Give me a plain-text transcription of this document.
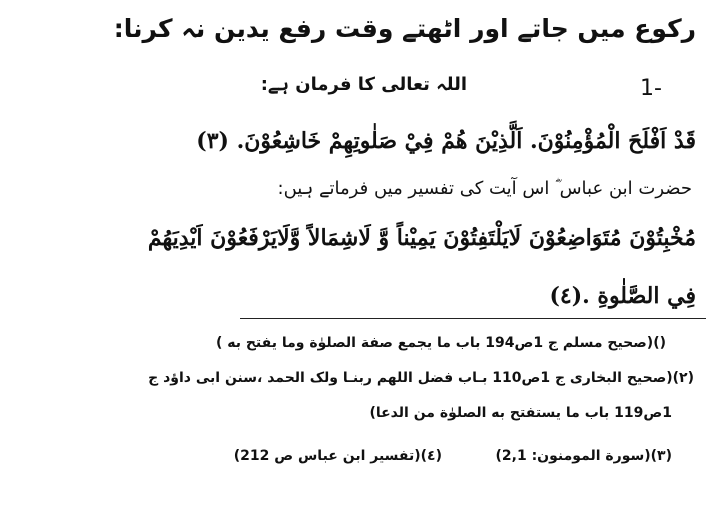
رکوع میں جاتے اور اٹھتے وقت رفع یدین نہ کرنا:
1-
اللہ تعالی کا فرمان ہے:
قَدْ اَفْلَحَ الْمُؤْمِنُوْنَ. اَلَّذِيْنَ هُمْ فِيْ صَلٰوتِهِمْ خَاشِعُوْنَ. (٣)
حضرت ابن عباس ؓ اس آیت کی تفسیر میں فرماتے ہیں:
مُخْبِتُوْنَ مُتَوَاضِعُوْنَ لَايَلْتَفِتُوْنَ يَمِيْناً وَّ لَاشِمَالاً وَّلَايَرْفَعُوْنَ اَيْدِيَهُمْ
فِي الصَّلٰوةِ .(٤)
()(صحیح مسلم ج 1ص194 باب ما یجمع صفة الصلوٰة وما یفتح به )
(٢)(صحیح البخاری ج 1ص110 بـاب فضل اللهم ربنـا ولک الحمد ،سنن ابی داؤد ج
1ص119 باب ما يستفتح به الصلوٰة من الدعا)
(٣)(سورة المومنون: 2,1)
(٤)(تفسیر ابن عباس ص 212)
